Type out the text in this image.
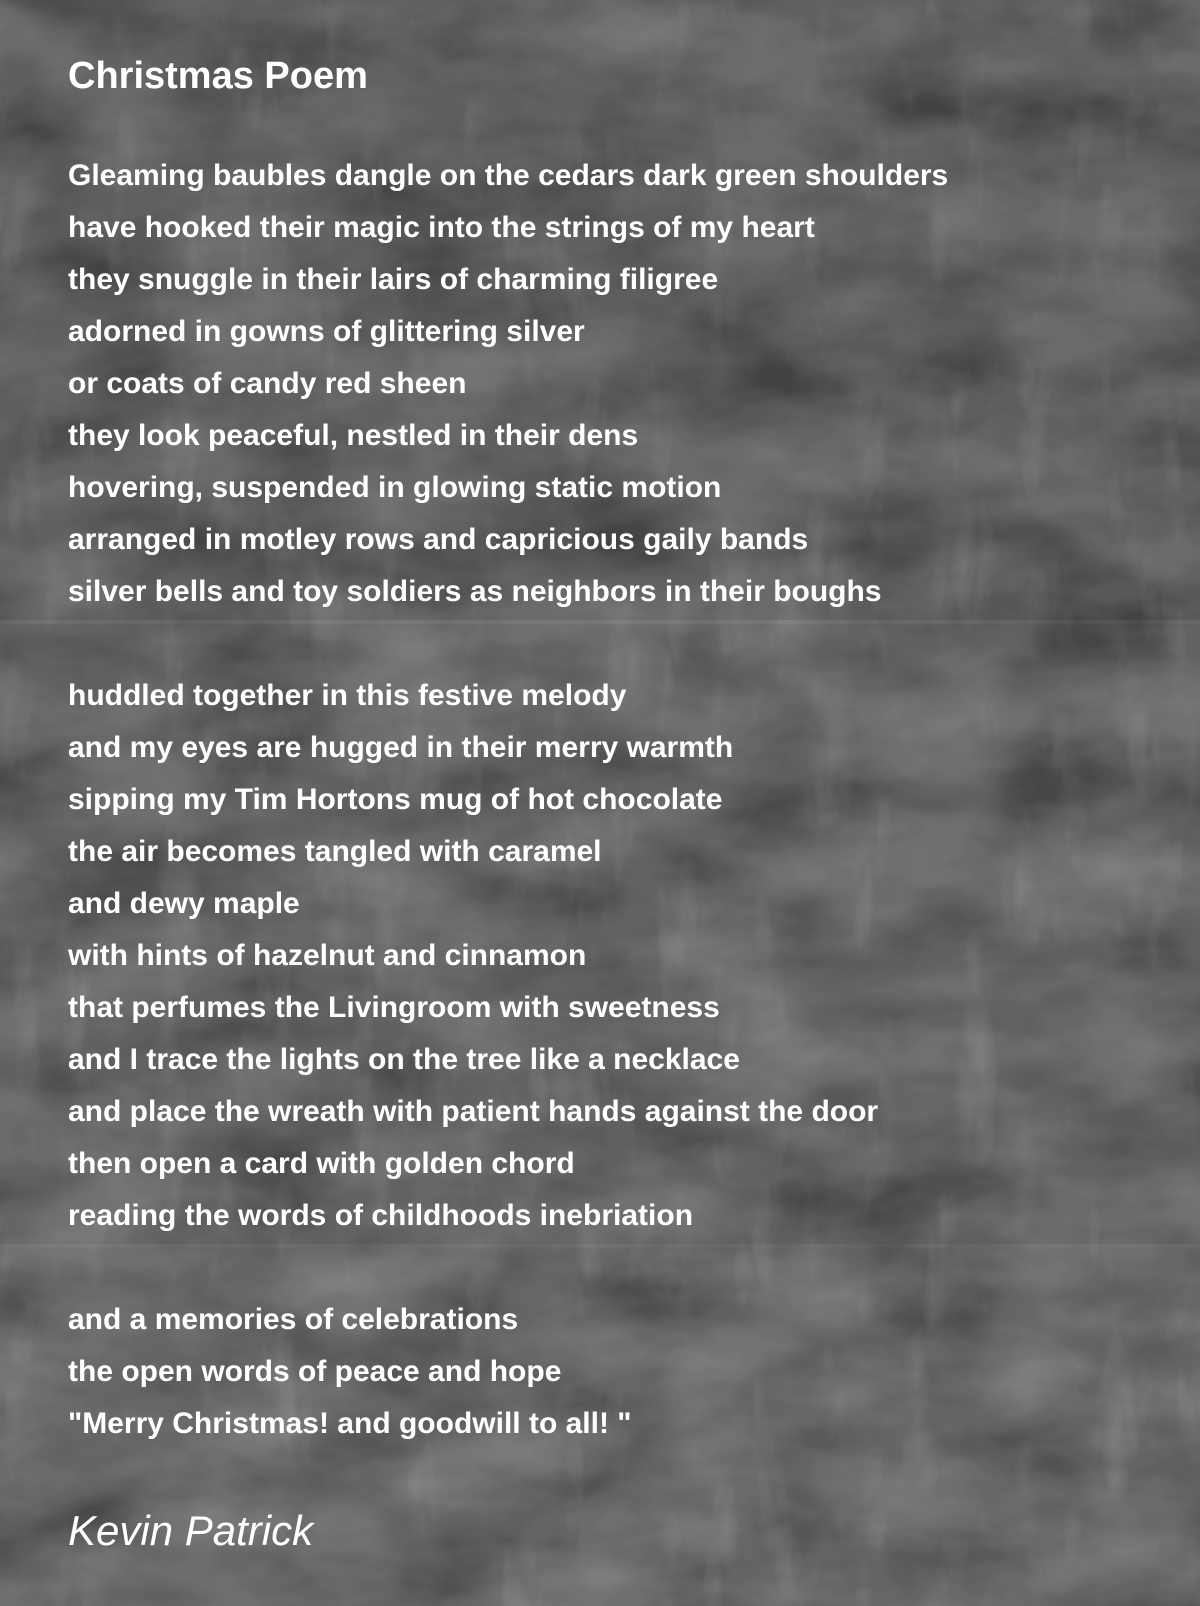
Christmas Poem
Gleaming baubles dangle on the cedars dark green shoulders
have hooked their magic into the strings of my heart
they snuggle in their lairs of charming filigree
adorned in gowns of glittering silver
or coats of candy red sheen
they look peaceful, nestled in their dens
hovering, suspended in glowing static motion
arranged in motley rows and capricious gaily bands
silver bells and toy soldiers as neighbors in their boughs
huddled together in this festive melody
and my eyes are hugged in their merry warmth
sipping my Tim Hortons mug of hot chocolate
the air becomes tangled with caramel
and dewy maple
with hints of hazelnut and cinnamon
that perfumes the Livingroom with sweetness
and I trace the lights on the tree like a necklace
and place the wreath with patient hands against the door
then open a card with golden chord
reading the words of childhoods inebriation
and a memories of celebrations
the open words of peace and hope
"Merry Christmas! and goodwill to all! "

Kevin Patrick
